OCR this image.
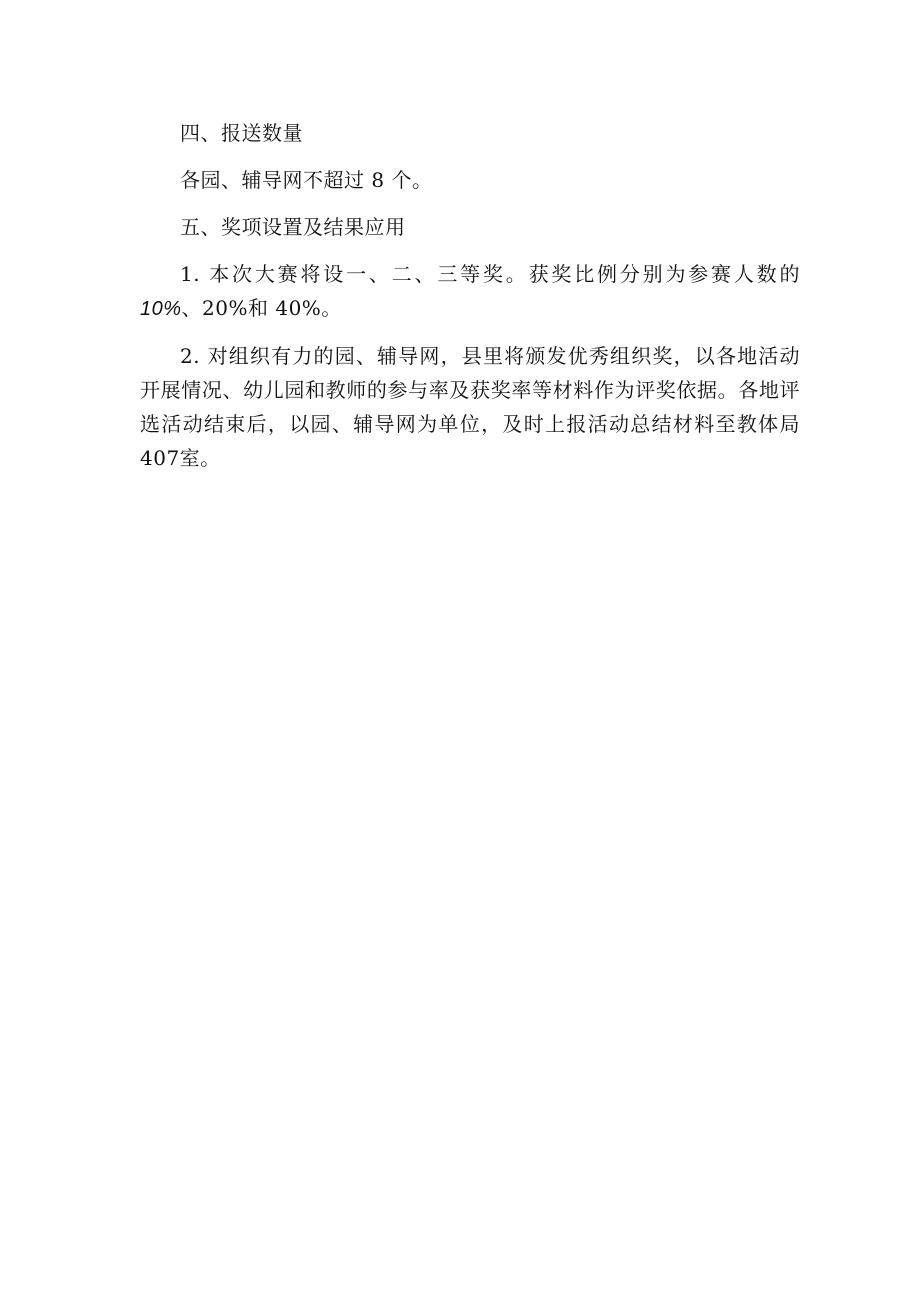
四、报送数量

各园、辅导网不超过 8 个。

五、奖项设置及结果应用

1. 本次大赛将设一、二、三等奖。获奖比例分别为参赛人数的 10%、20%和 40%。

2. 对组织有力的园、辅导网，县里将颁发优秀组织奖，以各地活动开展情况、幼儿园和教师的参与率及获奖率等材料作为评奖依据。各地评选活动结束后，以园、辅导网为单位，及时上报活动总结材料至教体局 407室。
